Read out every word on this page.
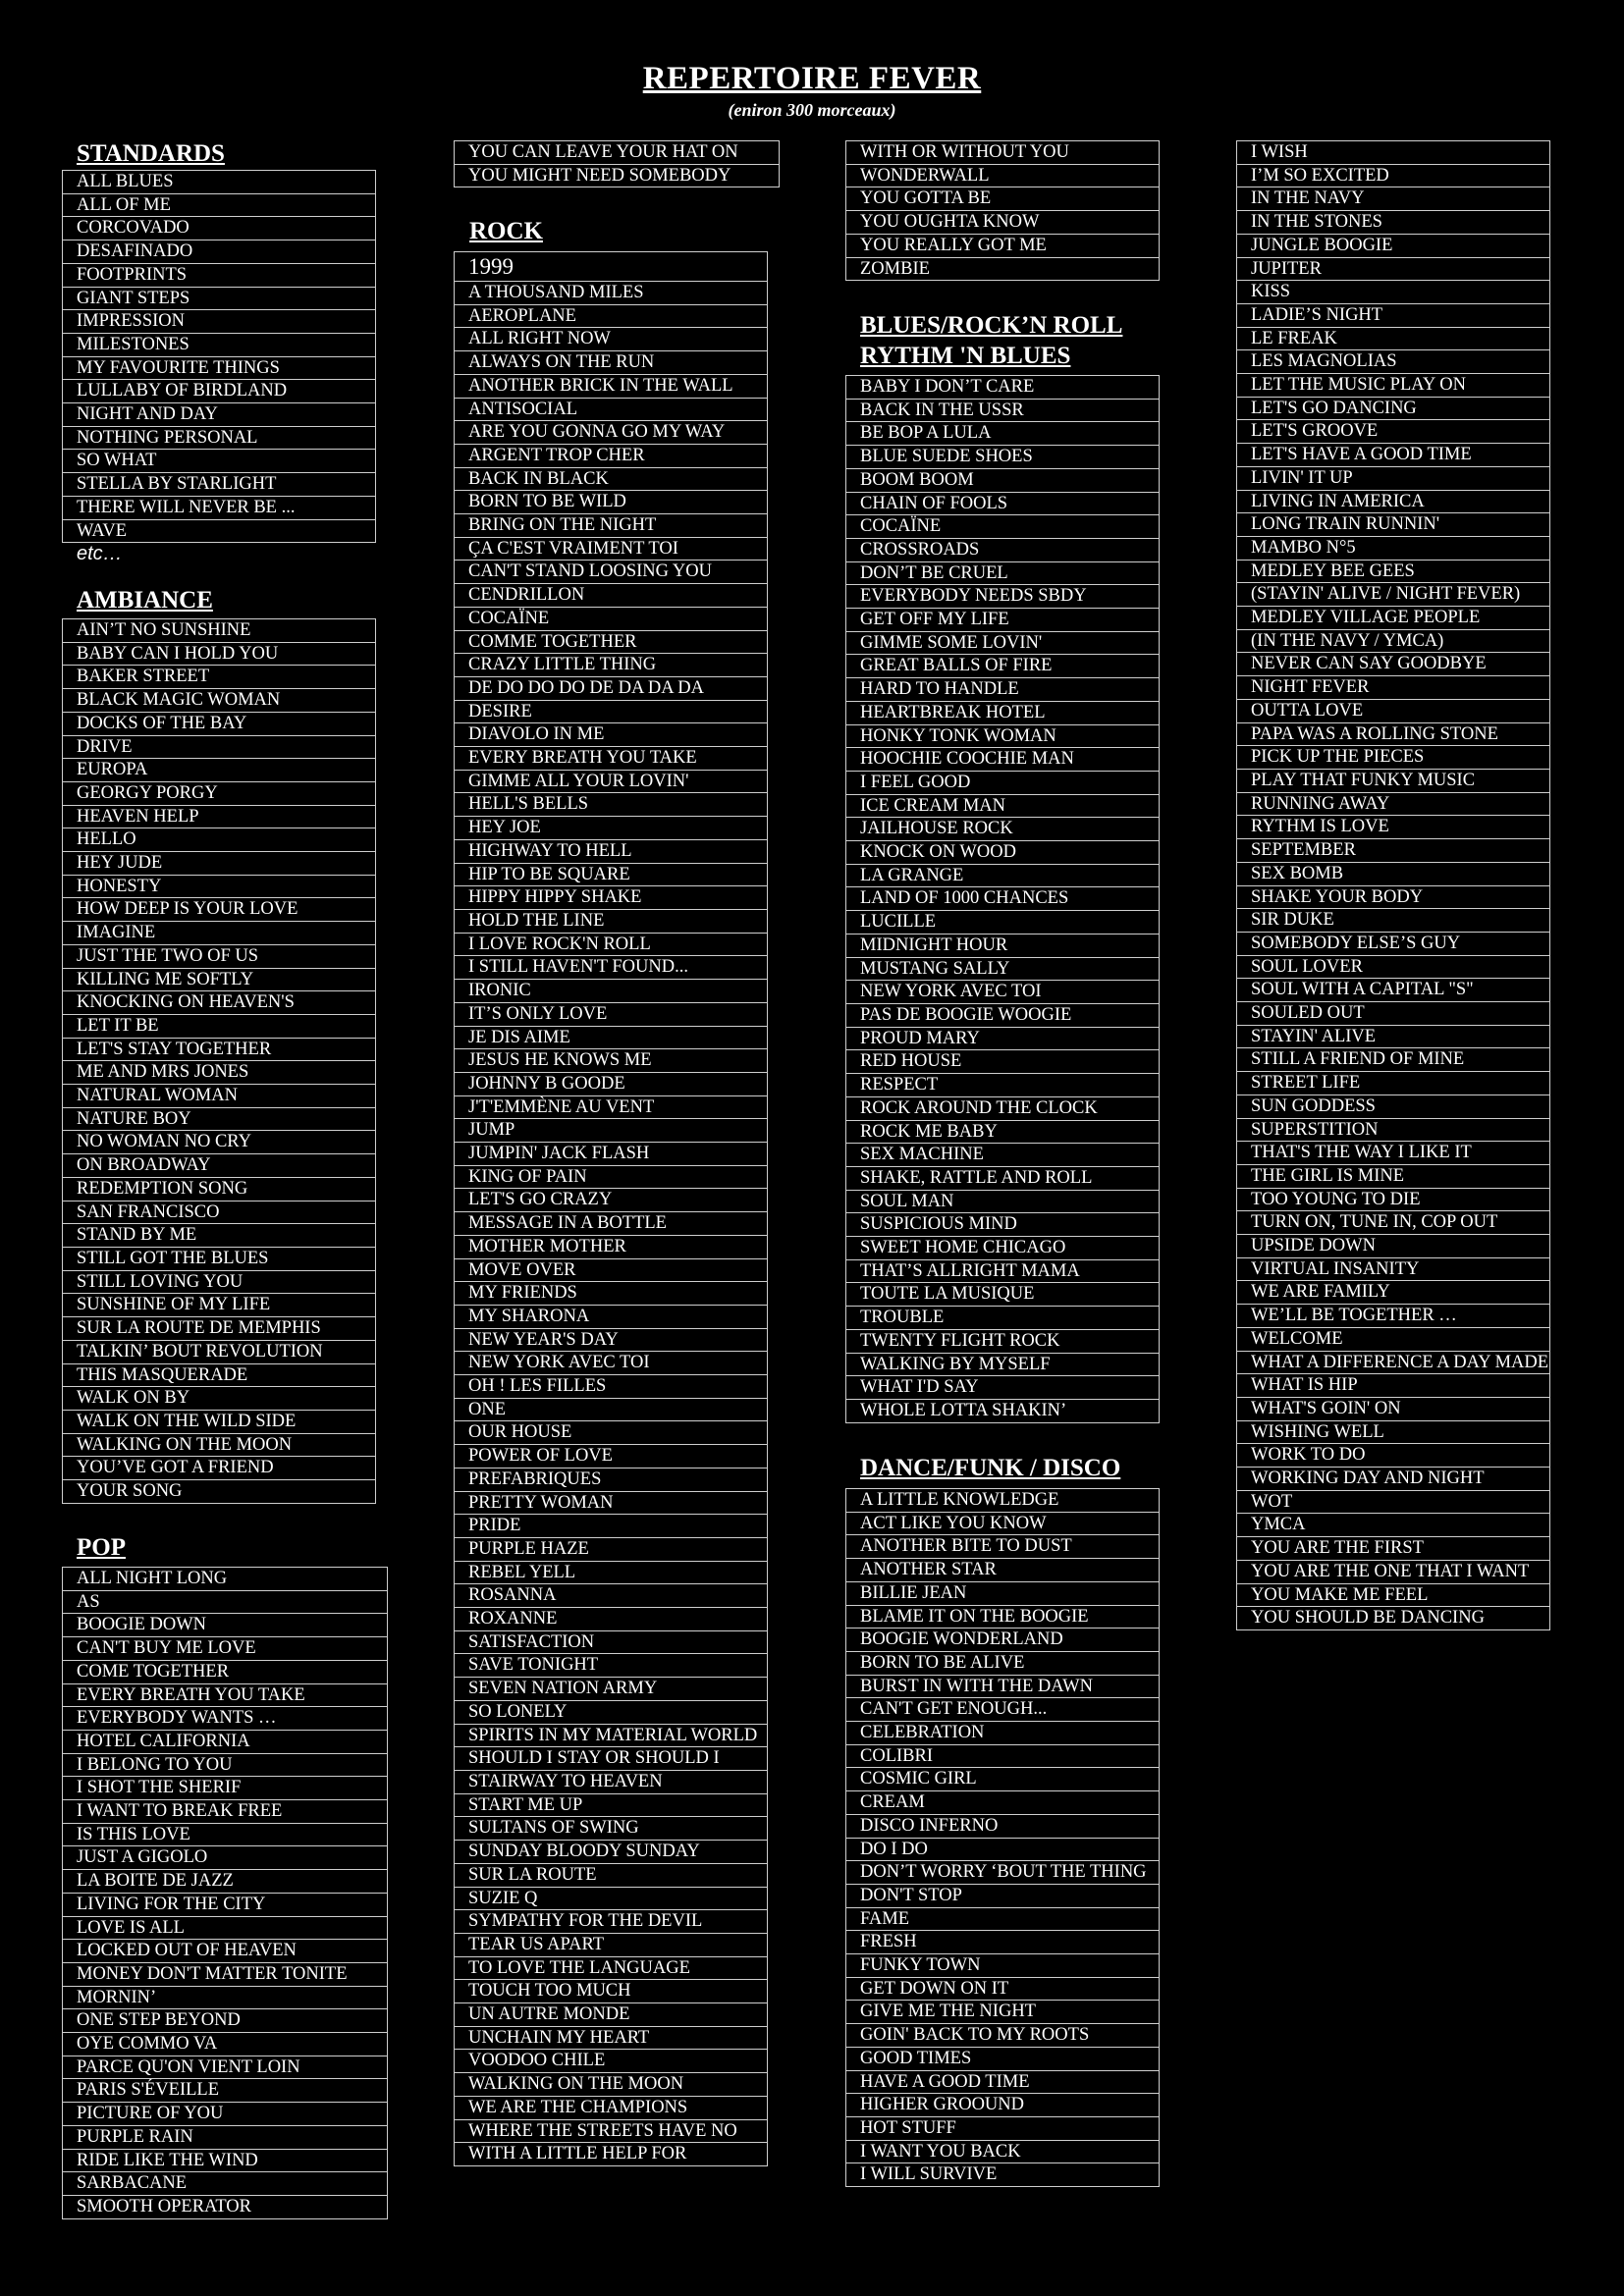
REPERTOIRE FEVER
(eniron 300 morceaux)
STANDARDS
ALL BLUES
ALL OF ME
CORCOVADO
DESAFINADO
FOOTPRINTS
GIANT STEPS
IMPRESSION
MILESTONES
MY FAVOURITE THINGS
LULLABY OF BIRDLAND
NIGHT AND DAY
NOTHING PERSONAL
SO WHAT
STELLA BY STARLIGHT
THERE WILL NEVER BE ...
WAVE
etc…
AMBIANCE
AIN’T NO SUNSHINE
BABY CAN I HOLD YOU
BAKER STREET
BLACK MAGIC WOMAN
DOCKS OF THE BAY
DRIVE
EUROPA
GEORGY PORGY
HEAVEN HELP
HELLO
HEY JUDE
HONESTY
HOW DEEP IS YOUR LOVE
IMAGINE
JUST THE TWO OF US
KILLING ME SOFTLY
KNOCKING ON HEAVEN'S
LET IT BE
LET'S STAY TOGETHER
ME AND MRS JONES
NATURAL WOMAN
NATURE BOY
NO WOMAN NO CRY
ON BROADWAY
REDEMPTION SONG
SAN FRANCISCO
STAND BY ME
STILL GOT THE BLUES
STILL LOVING YOU
SUNSHINE OF MY LIFE
SUR LA ROUTE DE MEMPHIS
TALKIN’ BOUT REVOLUTION
THIS MASQUERADE
WALK ON BY
WALK ON THE WILD SIDE
WALKING ON THE MOON
YOU’VE GOT A FRIEND
YOUR SONG
POP
ALL NIGHT LONG
AS
BOOGIE DOWN
CAN'T BUY ME LOVE
COME TOGETHER
EVERY BREATH YOU TAKE
EVERYBODY WANTS …
HOTEL CALIFORNIA
I BELONG TO YOU
I SHOT THE SHERIF
I WANT TO BREAK FREE
IS THIS LOVE
JUST A GIGOLO
LA BOITE DE JAZZ
LIVING FOR THE CITY
LOVE IS ALL
LOCKED OUT OF HEAVEN
MONEY DON'T MATTER TONITE
MORNIN’
ONE STEP BEYOND
OYE COMMO VA
PARCE QU'ON VIENT LOIN
PARIS S'ÉVEILLE
PICTURE OF YOU
PURPLE RAIN
RIDE LIKE THE WIND
SARBACANE
SMOOTH OPERATOR
YOU CAN LEAVE YOUR HAT ON
YOU MIGHT NEED SOMEBODY
ROCK
1999
A THOUSAND MILES
AEROPLANE
ALL RIGHT NOW
ALWAYS ON THE RUN
ANOTHER BRICK IN THE WALL
ANTISOCIAL
ARE YOU GONNA GO MY WAY
ARGENT TROP CHER
BACK IN BLACK
BORN TO BE WILD
BRING ON THE NIGHT
ÇA C'EST VRAIMENT TOI
CAN'T STAND LOOSING YOU
CENDRILLON
COCAÏNE
COMME TOGETHER
CRAZY LITTLE THING
DE DO DO DO DE DA DA DA
DESIRE
DIAVOLO IN ME
EVERY BREATH YOU TAKE
GIMME ALL YOUR LOVIN'
HELL'S BELLS
HEY JOE
HIGHWAY TO HELL
HIP TO BE SQUARE
HIPPY HIPPY SHAKE
HOLD THE LINE
I LOVE ROCK'N ROLL
I STILL HAVEN'T FOUND...
IRONIC
IT’S ONLY LOVE
JE DIS AIME
JESUS HE KNOWS ME
JOHNNY B GOODE
J'T'EMMÈNE AU VENT
JUMP
JUMPIN' JACK FLASH
KING OF PAIN
LET'S GO CRAZY
MESSAGE IN A BOTTLE
MOTHER MOTHER
MOVE OVER
MY FRIENDS
MY SHARONA
NEW YEAR'S DAY
NEW YORK AVEC TOI
OH ! LES FILLES
ONE
OUR HOUSE
POWER OF LOVE
PREFABRIQUES
PRETTY WOMAN
PRIDE
PURPLE HAZE
REBEL YELL
ROSANNA
ROXANNE
SATISFACTION
SAVE TONIGHT
SEVEN NATION ARMY
SO LONELY
SPIRITS IN MY MATERIAL WORLD
SHOULD I STAY OR SHOULD I
STAIRWAY TO HEAVEN
START ME UP
SULTANS OF SWING
SUNDAY BLOODY SUNDAY
SUR LA ROUTE
SUZIE Q
SYMPATHY FOR THE DEVIL
TEAR US APART
TO LOVE THE LANGUAGE
TOUCH TOO MUCH
UN AUTRE MONDE
UNCHAIN MY HEART
VOODOO CHILE
WALKING ON THE MOON
WE ARE THE CHAMPIONS
WHERE THE STREETS HAVE NO
WITH A LITTLE HELP FOR
WITH OR WITHOUT YOU
WONDERWALL
YOU GOTTA BE
YOU OUGHTA KNOW
YOU REALLY GOT ME
ZOMBIE
BLUES/ROCK’N ROLL
RYTHM 'N BLUES
BABY I DON’T CARE
BACK IN THE USSR
BE BOP A LULA
BLUE SUEDE SHOES
BOOM BOOM
CHAIN OF FOOLS
COCAÏNE
CROSSROADS
DON’T BE CRUEL
EVERYBODY NEEDS SBDY
GET OFF MY LIFE
GIMME SOME LOVIN'
GREAT BALLS OF FIRE
HARD TO HANDLE
HEARTBREAK HOTEL
HONKY TONK WOMAN
HOOCHIE COOCHIE MAN
I FEEL GOOD
ICE CREAM MAN
JAILHOUSE ROCK
KNOCK ON WOOD
LA GRANGE
LAND OF 1000 CHANCES
LUCILLE
MIDNIGHT HOUR
MUSTANG SALLY
NEW YORK AVEC TOI
PAS DE BOOGIE WOOGIE
PROUD MARY
RED HOUSE
RESPECT
ROCK AROUND THE CLOCK
ROCK ME BABY
SEX MACHINE
SHAKE, RATTLE AND ROLL
SOUL MAN
SUSPICIOUS MIND
SWEET HOME CHICAGO
THAT’S ALLRIGHT MAMA
TOUTE LA MUSIQUE
TROUBLE
TWENTY FLIGHT ROCK
WALKING BY MYSELF
WHAT I'D SAY
WHOLE LOTTA SHAKIN’
DANCE/FUNK / DISCO
A LITTLE KNOWLEDGE
ACT LIKE YOU KNOW
ANOTHER BITE TO DUST
ANOTHER STAR
BILLIE JEAN
BLAME IT ON THE BOOGIE
BOOGIE WONDERLAND
BORN TO BE ALIVE
BURST IN WITH THE DAWN
CAN'T GET ENOUGH...
CELEBRATION
COLIBRI
COSMIC GIRL
CREAM
DISCO INFERNO
DO I DO
DON’T WORRY ‘BOUT THE THING
DON'T STOP
FAME
FRESH
FUNKY TOWN
GET DOWN ON IT
GIVE ME THE NIGHT
GOIN' BACK TO MY ROOTS
GOOD TIMES
HAVE A GOOD TIME
HIGHER GROOUND
HOT STUFF
I WANT YOU BACK
I WILL SURVIVE
I WISH
I’M SO EXCITED
IN THE NAVY
IN THE STONES
JUNGLE BOOGIE
JUPITER
KISS
LADIE’S NIGHT
LE FREAK
LES MAGNOLIAS
LET THE MUSIC PLAY ON
LET'S GO DANCING
LET'S GROOVE
LET'S HAVE A GOOD TIME
LIVIN' IT UP
LIVING IN AMERICA
LONG TRAIN RUNNIN'
MAMBO N°5
MEDLEY BEE GEES
(STAYIN' ALIVE / NIGHT FEVER)
MEDLEY VILLAGE PEOPLE
(IN THE NAVY / YMCA)
NEVER CAN SAY GOODBYE
NIGHT FEVER
OUTTA LOVE
PAPA WAS A ROLLING STONE
PICK UP THE PIECES
PLAY THAT FUNKY MUSIC
RUNNING AWAY
RYTHM IS LOVE
SEPTEMBER
SEX BOMB
SHAKE YOUR BODY
SIR DUKE
SOMEBODY ELSE’S GUY
SOUL LOVER
SOUL WITH A CAPITAL "S"
SOULED OUT
STAYIN' ALIVE
STILL A FRIEND OF MINE
STREET LIFE
SUN GODDESS
SUPERSTITION
THAT'S THE WAY I LIKE IT
THE GIRL IS MINE
TOO YOUNG TO DIE
TURN ON, TUNE IN, COP OUT
UPSIDE DOWN
VIRTUAL INSANITY
WE ARE FAMILY
WE’LL BE TOGETHER …
WELCOME
WHAT A DIFFERENCE A DAY MADE
WHAT IS HIP
WHAT'S GOIN' ON
WISHING WELL
WORK TO DO
WORKING DAY AND NIGHT
WOT
YMCA
YOU ARE THE FIRST
YOU ARE THE ONE THAT I WANT
YOU MAKE ME FEEL
YOU SHOULD BE DANCING
